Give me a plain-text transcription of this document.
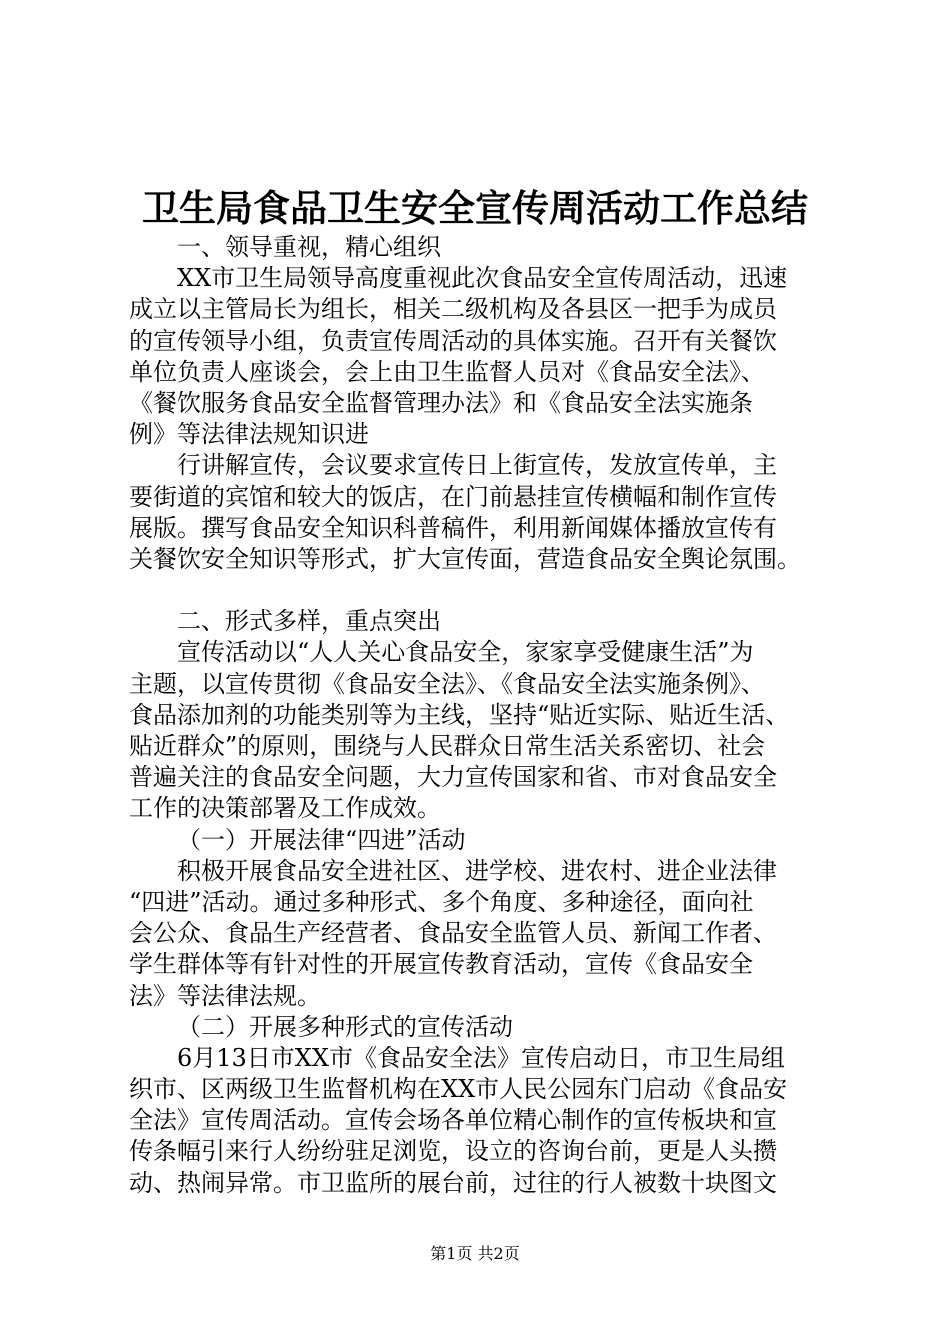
卫生局食品卫生安全宣传周活动工作总结
一、领导重视，精心组织
XX市卫生局领导高度重视此次食品安全宣传周活动，迅速
成立以主管局长为组长，相关二级机构及各县区一把手为成员
的宣传领导小组，负责宣传周活动的具体实施。召开有关餐饮
单位负责人座谈会，会上由卫生监督人员对《食品安全法》、
《餐饮服务食品安全监督管理办法》和《食品安全法实施条
例》等法律法规知识进
行讲解宣传，会议要求宣传日上街宣传，发放宣传单，主
要街道的宾馆和较大的饭店，在门前悬挂宣传横幅和制作宣传
展版。撰写食品安全知识科普稿件，利用新闻媒体播放宣传有
关餐饮安全知识等形式，扩大宣传面，营造食品安全舆论氛围。
二、形式多样，重点突出
宣传活动以“人人关心食品安全，家家享受健康生活”为
主题，以宣传贯彻《食品安全法》、《食品安全法实施条例》、
食品添加剂的功能类别等为主线，坚持“贴近实际、贴近生活、
贴近群众”的原则，围绕与人民群众日常生活关系密切、社会
普遍关注的食品安全问题，大力宣传国家和省、市对食品安全
工作的决策部署及工作成效。
（一）开展法律“四进”活动
积极开展食品安全进社区、进学校、进农村、进企业法律
“四进”活动。通过多种形式、多个角度、多种途径，面向社
会公众、食品生产经营者、食品安全监管人员、新闻工作者、
学生群体等有针对性的开展宣传教育活动，宣传《食品安全
法》等法律法规。
（二）开展多种形式的宣传活动
6月13日市XX市《食品安全法》宣传启动日，市卫生局组
织市、区两级卫生监督机构在XX市人民公园东门启动《食品安
全法》宣传周活动。宣传会场各单位精心制作的宣传板块和宣
传条幅引来行人纷纷驻足浏览，设立的咨询台前，更是人头攒
动、热闹异常。市卫监所的展台前，过往的行人被数十块图文
第1页 共2页
